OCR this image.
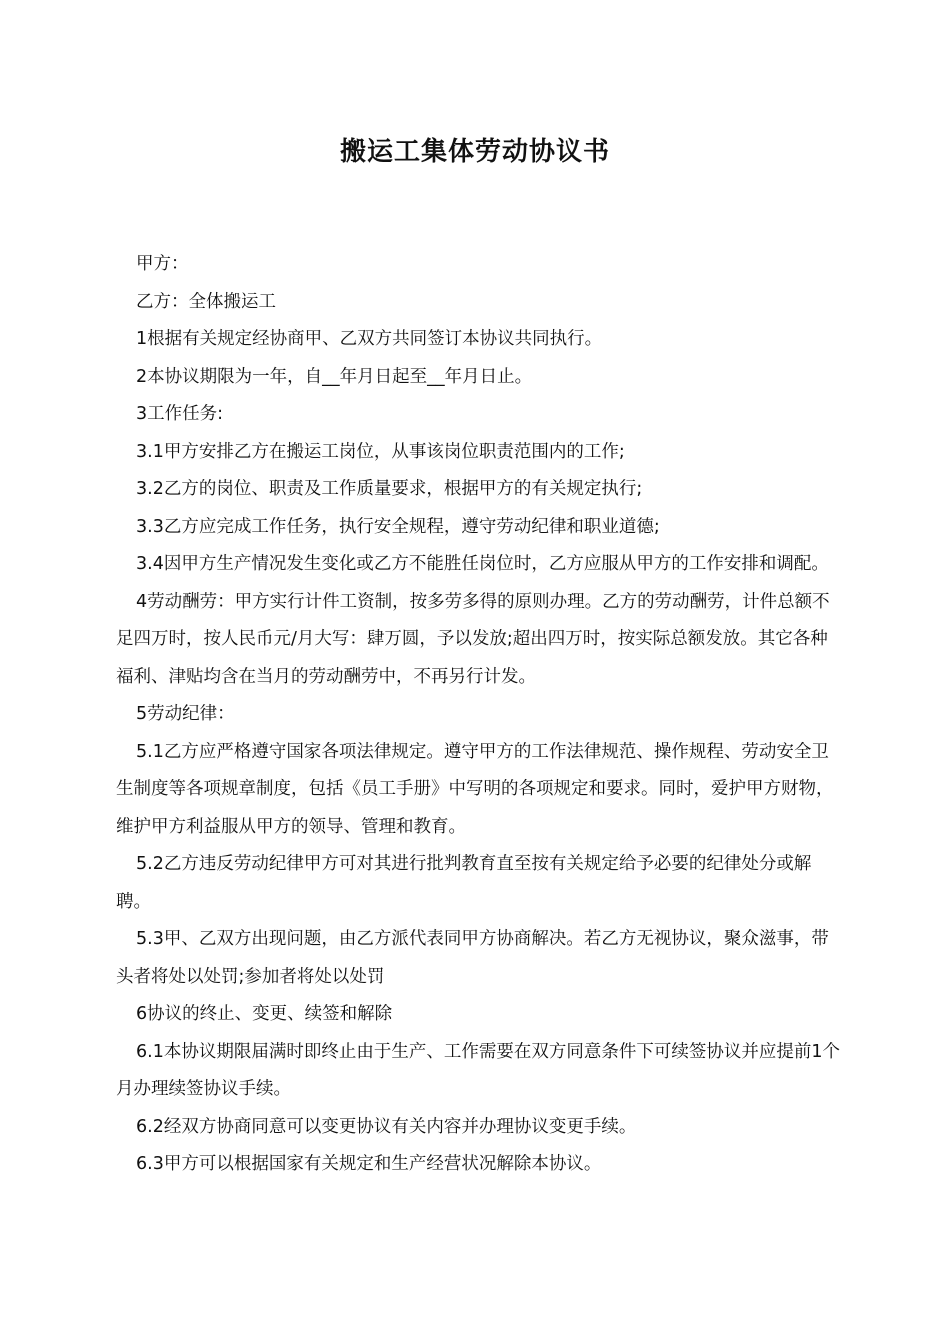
搬运工集体劳动协议书

甲方：

乙方：全体搬运工

1根据有关规定经协商甲、乙双方共同签订本协议共同执行。

2本协议期限为一年，自__年月日起至__年月日止。

3工作任务:

3.1甲方安排乙方在搬运工岗位，从事该岗位职责范围内的工作;

3.2乙方的岗位、职责及工作质量要求，根据甲方的有关规定执行;

3.3乙方应完成工作任务，执行安全规程，遵守劳动纪律和职业道德;

3.4因甲方生产情况发生变化或乙方不能胜任岗位时，乙方应服从甲方的工作安排和调配。

4劳动酬劳：甲方实行计件工资制，按多劳多得的原则办理。乙方的劳动酬劳，计件总额不足四万时，按人民币元/月大写：肆万圆，予以发放;超出四万时，按实际总额发放。其它各种福利、津贴均含在当月的劳动酬劳中，不再另行计发。

5劳动纪律：

5.1乙方应严格遵守国家各项法律规定。遵守甲方的工作法律规范、操作规程、劳动安全卫生制度等各项规章制度，包括《员工手册》中写明的各项规定和要求。同时，爱护甲方财物，维护甲方利益服从甲方的领导、管理和教育。

5.2乙方违反劳动纪律甲方可对其进行批判教育直至按有关规定给予必要的纪律处分或解聘。

5.3甲、乙双方出现问题，由乙方派代表同甲方协商解决。若乙方无视协议，聚众滋事，带头者将处以处罚;参加者将处以处罚

6协议的终止、变更、续签和解除

6.1本协议期限届满时即终止由于生产、工作需要在双方同意条件下可续签协议并应提前1个月办理续签协议手续。

6.2经双方协商同意可以变更协议有关内容并办理协议变更手续。

6.3甲方可以根据国家有关规定和生产经营状况解除本协议。
